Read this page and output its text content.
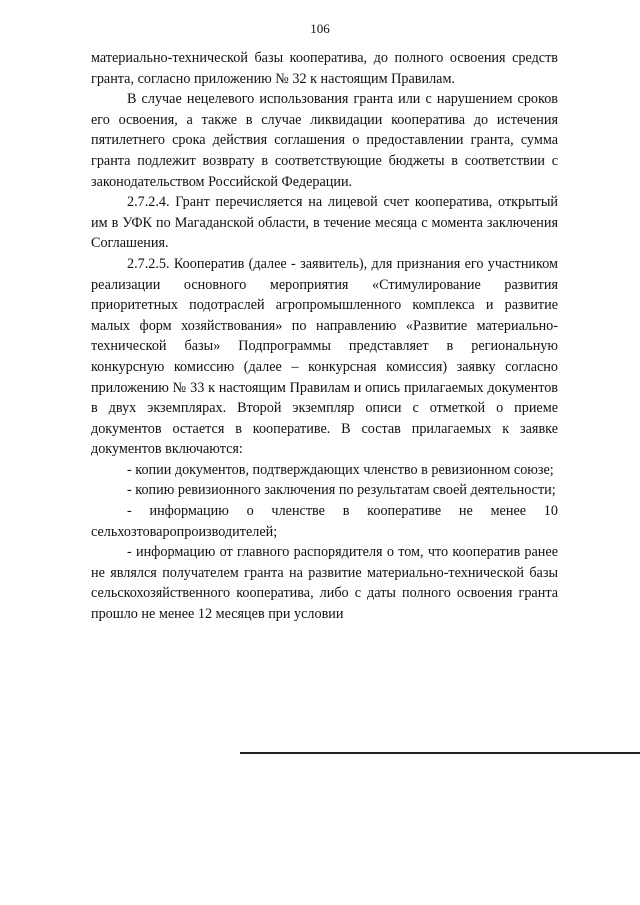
106

материально-технической базы кооператива, до полного освоения средств гранта, согласно приложению № 32 к настоящим Правилам.

В случае нецелевого использования гранта или с нарушением сроков его освоения, а также в случае ликвидации кооператива до истечения пятилетнего срока действия соглашения о предоставлении гранта, сумма гранта подлежит возврату в соответствующие бюджеты в соответствии с законодательством Российской Федерации.

2.7.2.4. Грант перечисляется на лицевой счет кооператива, открытый им в УФК по Магаданской области, в течение месяца с момента заключения Соглашения.

2.7.2.5. Кооператив (далее - заявитель), для признания его участником реализации основного мероприятия «Стимулирование развития приоритетных подотраслей агропромышленного комплекса и развитие малых форм хозяйствования» по направлению «Развитие материально-технической базы» Подпрограммы представляет в региональную конкурсную комиссию (далее – конкурсная комиссия) заявку согласно приложению № 33 к настоящим Правилам и опись прилагаемых документов в двух экземплярах. Второй экземпляр описи с отметкой о приеме документов остается в кооперативе. В состав прилагаемых к заявке документов включаются:

- копии документов, подтверждающих членство в ревизионном союзе;

- копию ревизионного заключения по результатам своей деятельности;

- информацию о членстве в кооперативе не менее 10 сельхозтоваропроизводителей;

- информацию от главного распорядителя о том, что кооператив ранее не являлся получателем гранта на развитие материально-технической базы сельскохозяйственного кооператива, либо с даты полного освоения гранта прошло не менее 12 месяцев при условии
